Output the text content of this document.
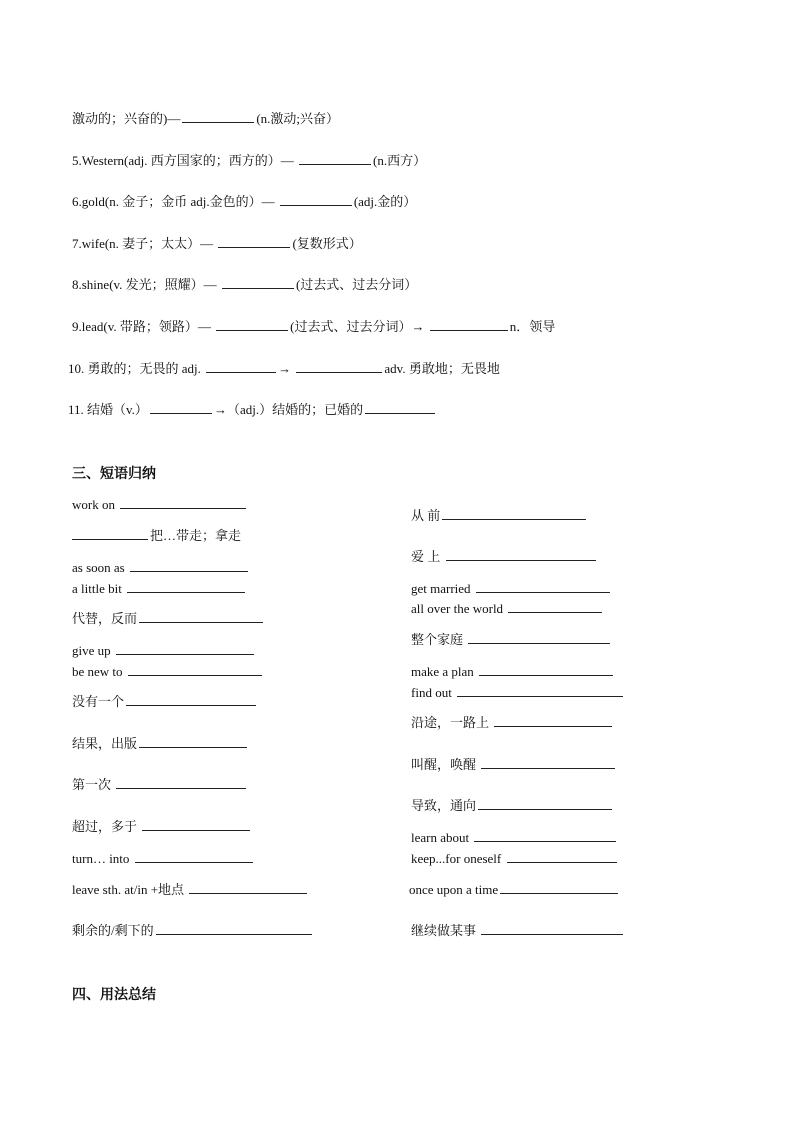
激动的；兴奋的)—	(n.激动;兴奋）
5.Western(adj. 西方国家的；西方的）—	(n.西方）
6.gold(n. 金子；金币 adj.金色的）—	(adj.金的）
7.wife(n. 妻子；太太）—	(复数形式）
8.shine(v. 发光；照耀）—	(过去式、过去分词）
9.lead(v. 带路；领路）—	(过去式、过去分词）→	n．领导
10. 勇敢的；无畏的 adj.	→	adv. 勇敢地；无畏地
11. 结婚（v.）	→（adj.）结婚的；已婚的
三、短语归纳
work on
把…带走；拿走
as soon as
a little bit
代替，反而
give up
be new to
没有一个
结果，出版
第一次
超过，多于
turn… into
leave sth. at/in +地点
剩余的/剩下的
从 前
爱 上
get married
all over the world
整个家庭
make a plan
find out
沿途，一路上
叫醒，唤醒
导致，通向
learn about
keep...for oneself
once upon a time
继续做某事
四、用法总结
